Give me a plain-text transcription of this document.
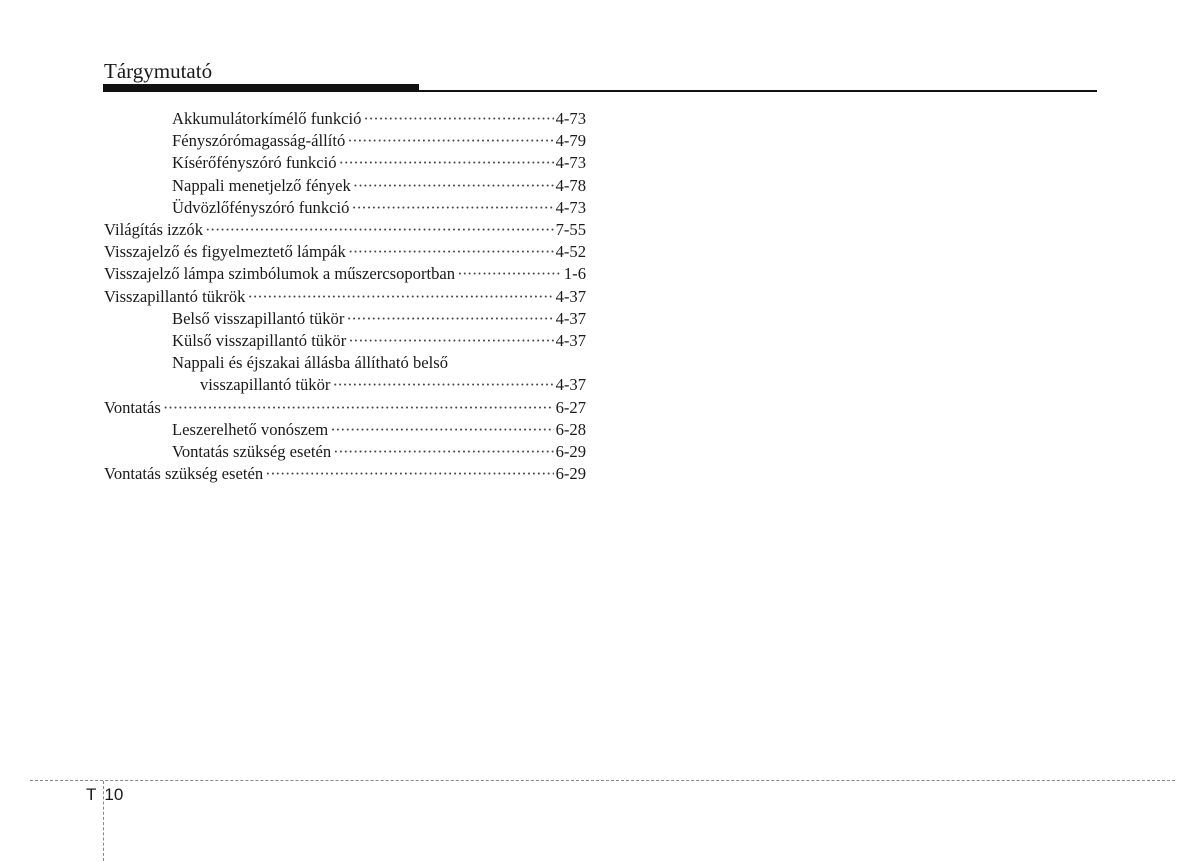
Tárgymutató
Akkumulátorkímélő funkció ·····	4-73
Fényszórómagasság-állító ·····	4-79
Kísérőfényszóró funkció ·····	4-73
Nappali menetjelző fények ·····	4-78
Üdvözlőfényszóró funkció ·····	4-73
Világítás izzók ·····	7-55
Visszajelző és figyelmeztető lámpák ·····	4-52
Visszajelző lámpa szimbólumok a műszercsoportban ·····	1-6
Visszapillantó tükrök ·····	4-37
Belső visszapillantó tükör ·····	4-37
Külső visszapillantó tükör ·····	4-37
Nappali és éjszakai állásba állítható belső
visszapillantó tükör ·····	4-37
Vontatás ·····	6-27
Leszerelhető vonószem ·····	6-28
Vontatás szükség esetén ·····	6-29
Vontatás szükség esetén ·····	6-29
T 10
